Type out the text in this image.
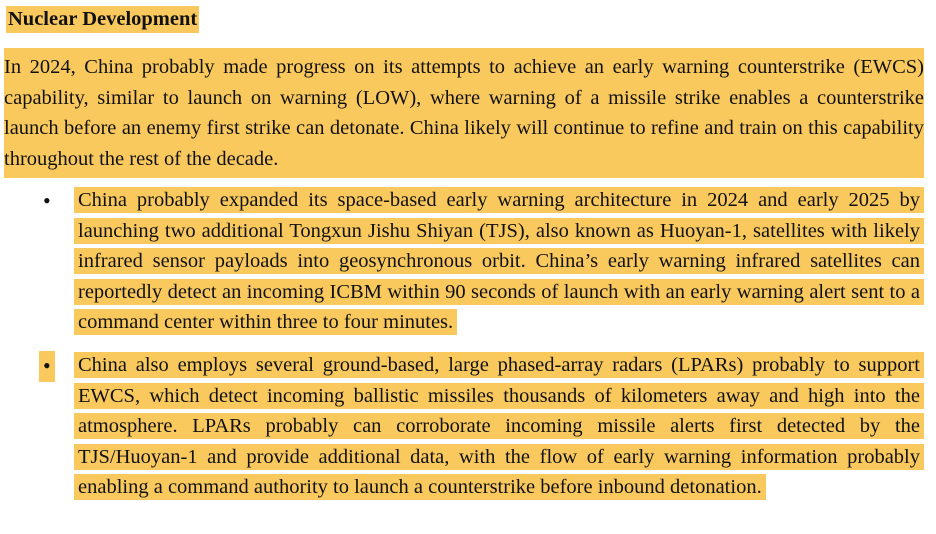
Nuclear Development
In 2024, China probably made progress on its attempts to achieve an early warning counterstrike (EWCS) capability, similar to launch on warning (LOW), where warning of a missile strike enables a counterstrike launch before an enemy first strike can detonate. China likely will continue to refine and train on this capability throughout the rest of the decade.
• China probably expanded its space-based early warning architecture in 2024 and early 2025 by launching two additional Tongxun Jishu Shiyan (TJS), also known as Huoyan-1, satellites with likely infrared sensor payloads into geosynchronous orbit. China’s early warning infrared satellites can reportedly detect an incoming ICBM within 90 seconds of launch with an early warning alert sent to a command center within three to four minutes.
• China also employs several ground-based, large phased-array radars (LPARs) probably to support EWCS, which detect incoming ballistic missiles thousands of kilometers away and high into the atmosphere. LPARs probably can corroborate incoming missile alerts first detected by the TJS/Huoyan-1 and provide additional data, with the flow of early warning information probably enabling a command authority to launch a counterstrike before inbound detonation.
